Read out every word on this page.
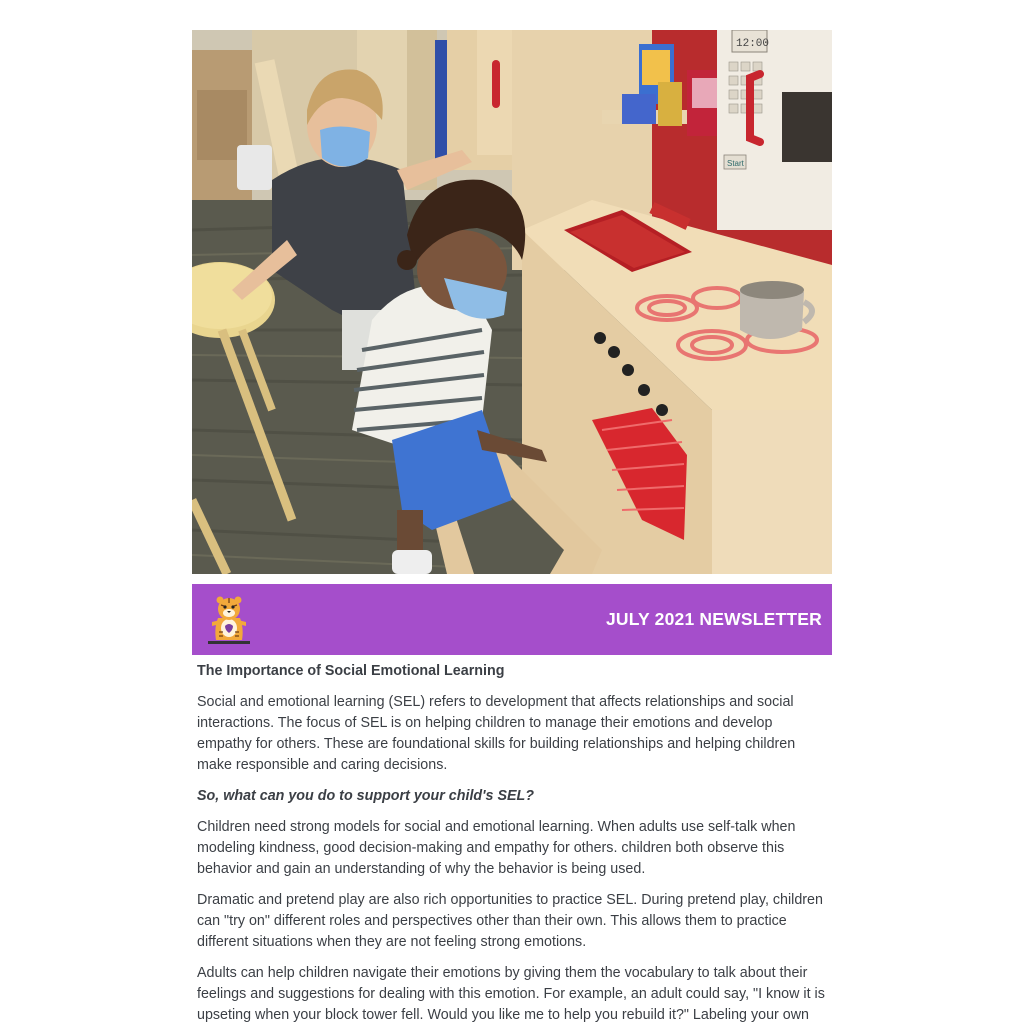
12:00
Start
JULY 2021 NEWSLETTER
The Importance of Social Emotional Learning

Social and emotional learning (SEL) refers to development that affects relationships and social interactions. The focus of SEL is on helping children to manage their emotions and develop empathy for others. These are foundational skills for building relationships and helping children make responsible and caring decisions.

So, what can you do to support your child's SEL?

Children need strong models for social and emotional learning. When adults use self-talk when modeling kindness, good decision-making and empathy for others. children both observe this behavior and gain an understanding of why the behavior is being used.

Dramatic and pretend play are also rich opportunities to practice SEL. During pretend play, children can "try on" different roles and perspectives other than their own. This allows them to practice different situations when they are not feeling strong emotions.

Adults can help children navigate their emotions by giving them the vocabulary to talk about their feelings and suggestions for dealing with this emotion. For example, an adult could say, "I know it is upseting when your block tower fell. Would you like me to help you rebuild it?" Labeling your own
